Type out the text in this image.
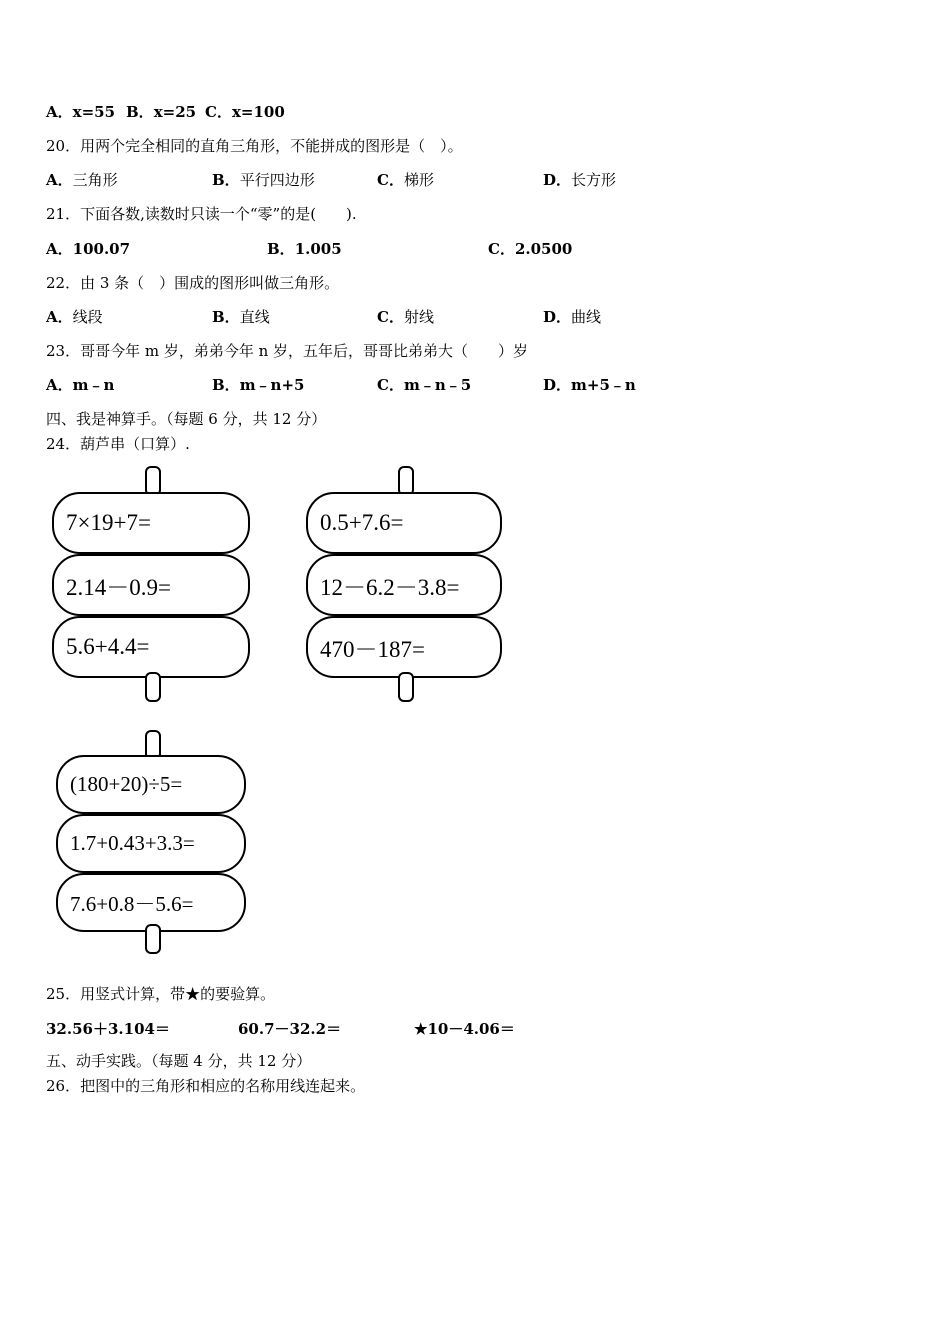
A．x=55 B．x=25 C．x=100
20．用两个完全相同的直角三角形，不能拼成的图形是（　）。
A．三角形	B．平行四边形	C．梯形	D．长方形
21．下面各数,读数时只读一个“零”的是(　　).
A．100.07	B．1.005	C．2.0500
22．由 3 条（　）围成的图形叫做三角形。
A．线段	B．直线	C．射线	D．曲线
23．哥哥今年 m 岁，弟弟今年 n 岁，五年后，哥哥比弟弟大（　　）岁
A．m﹣n	B．m﹣n+5	C．m﹣n﹣5	D．m+5﹣n
四、我是神算手。（每题 6 分，共 12 分）
24．葫芦串（口算）.
7×19+7=
2.14－0.9=
5.6+4.4=
0.5+7.6=
12－6.2－3.8=
470－187=
(180+20)÷5=
1.7+0.43+3.3=
7.6+0.8－5.6=
25．用竖式计算，带★的要验算。
32.56＋3.104＝	60.7－32.2＝	★10－4.06＝
五、动手实践。（每题 4 分，共 12 分）
26．把图中的三角形和相应的名称用线连起来。
